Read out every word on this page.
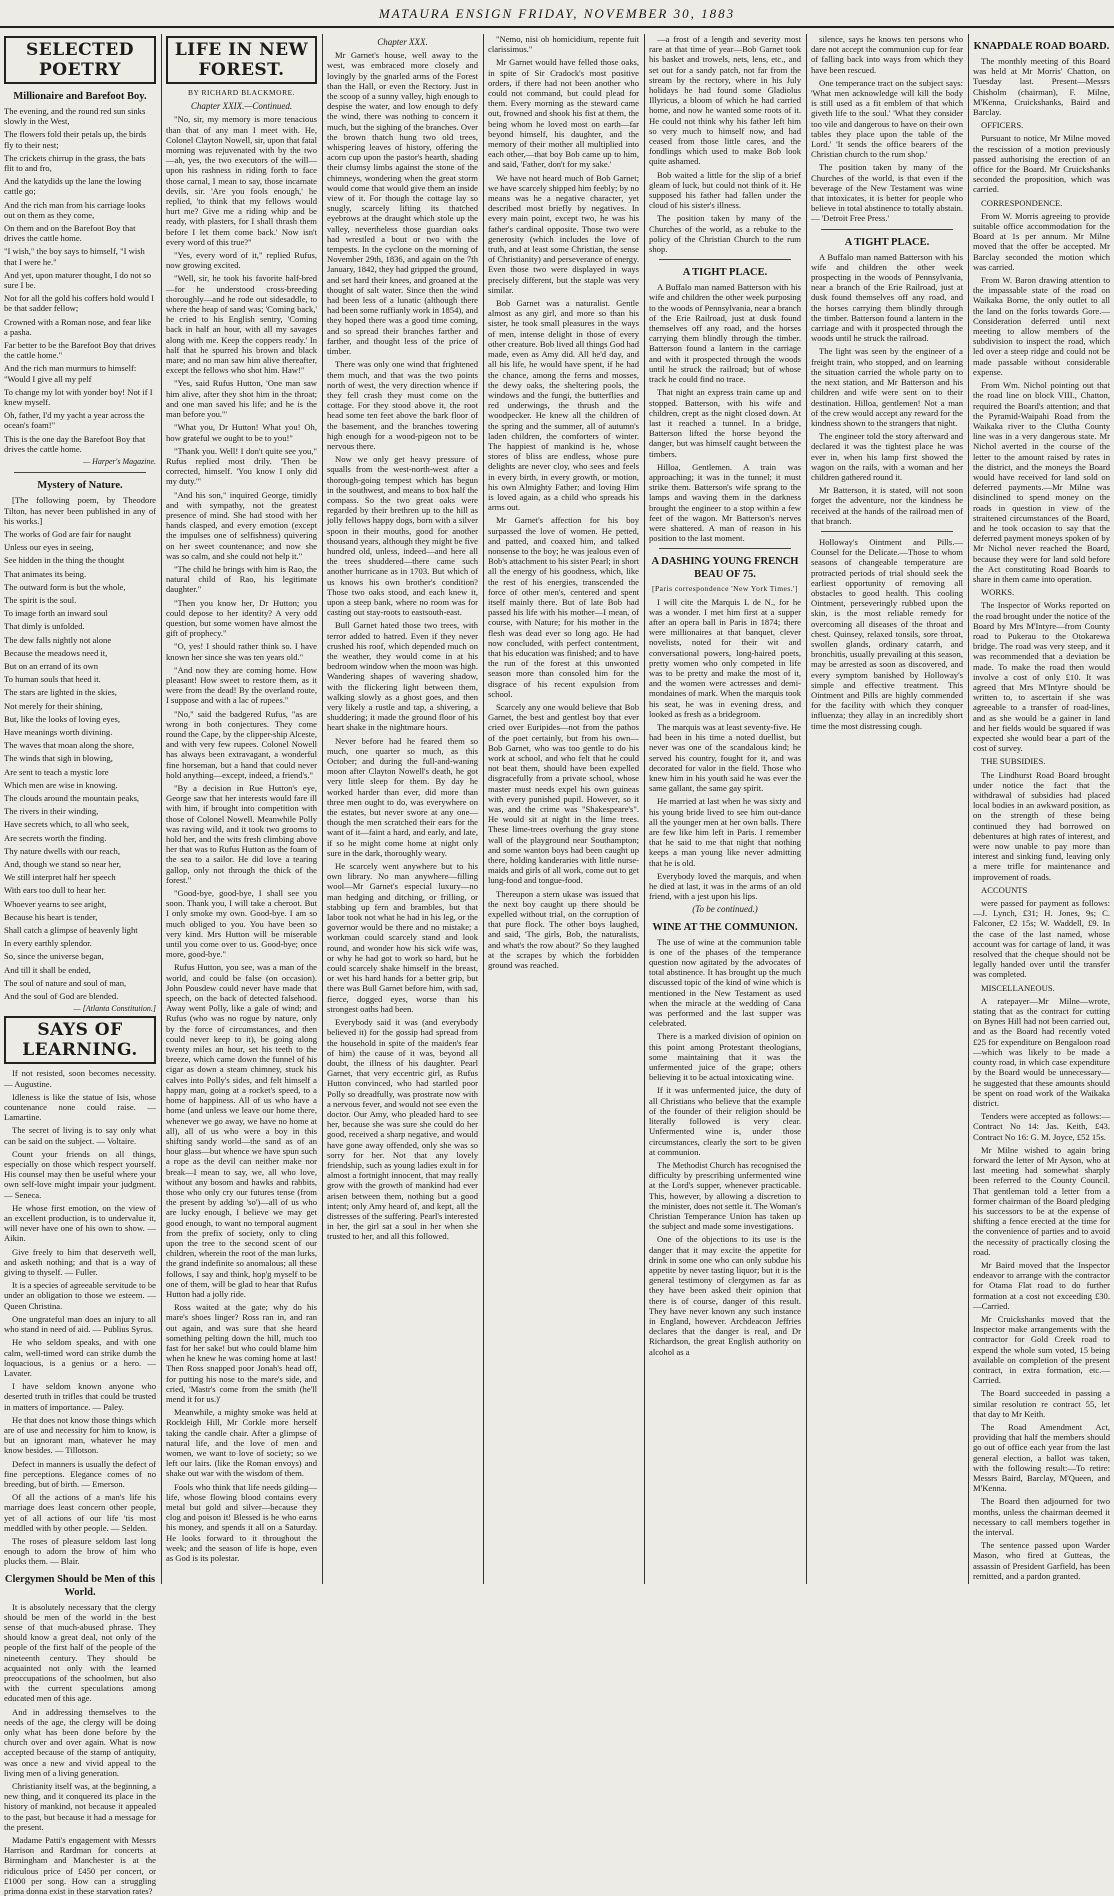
MATAURA ENSIGN FRIDAY, NOVEMBER 30, 1883
SELECTED POETRY
Millionaire and Barefoot Boy.

The evening, and the round red sun sinks slowly in the West,

The flowers fold their petals up, the birds fly to their nest;

The crickets chirrup in the grass, the bats flit to and fro,

And the katydids up the lane the lowing cattle go;

And the rich man from his carriage looks out on them as they come,

On them and on the Barefoot Boy that drives the cattle home.

"I wish," the boy says to himself, "I wish that I were he."

And yet, upon maturer thought, I do not so sure I be.

Not for all the gold his coffers hold would I be that sadder fellow;

Crowned with a Roman nose, and fear like a pasha.

Far better to be the Barefoot Boy that drives the cattle home."

And the rich man murmurs to himself: "Would I give all my pelf

To change my lot with yonder boy! Not if I knew myself.

Oh, father, I'd my yacht a year across the ocean's foam!"

This is the one day the Barefoot Boy that drives the cattle home.

— Harper's Magazine.
Mystery of Nature.

[The following poem, by Theodore Tilton, has never been published in any of his works.]

The works of God are fair for naught

Unless our eyes in seeing,

See hidden in the thing the thought

That animates its being.

The outward form is but the whole,

The spirit is the soul.

To image forth an inward soul

That dimly is unfolded.

The dew falls nightly not alone

Because the meadows need it,

But on an errand of its own

To human souls that heed it.

The stars are lighted in the skies,

Not merely for their shining,

But, like the looks of loving eyes,

Have meanings worth divining.

The waves that moan along the shore,

The winds that sigh in blowing,

Are sent to teach a mystic lore

Which men are wise in knowing.

The clouds around the mountain peaks,

The rivers in their winding,

Have secrets which, to all who seek,

Are secrets worth the finding.

Thy nature dwells with our reach,

And, though we stand so near her,

We still interpret half her speech

With ears too dull to hear her.

Whoever yearns to see aright,

Because his heart is tender,

Shall catch a glimpse of heavenly light

In every earthly splendor.

So, since the universe began,

And till it shall be ended,

The soul of nature and soul of man,

And the soul of God are blended.

— [Atlanta Constitution.]
SAYS OF LEARNING.

If not resisted, soon becomes necessity. — Augustine.

Idleness is like the statue of Isis, whose countenance none could raise. — Lamartine.

The secret of living is to say only what can be said on the subject. — Voltaire.

Count your friends on all things, especially on those which respect yourself. His counsel may then be useful where your own self-love might impair your judgment. — Seneca.

He whose first emotion, on the view of an excellent production, is to undervalue it, will never have one of his own to show. — Aikin.

Give freely to him that deserveth well, and asketh nothing; and that is a way of giving to thyself. — Fuller.

It is a species of agreeable servitude to be under an obligation to those we esteem. — Queen Christina.

One ungrateful man does an injury to all who stand in need of aid. — Publius Syrus.

He who seldom speaks, and with one calm, well-timed word can strike dumb the loquacious, is a genius or a hero. — Lavater.

I have seldom known anyone who deserted truth in trifles that could be trusted in matters of importance. — Paley.

He that does not know those things which are of use and necessity for him to know, is but an ignorant man, whatever he may know besides. — Tillotson.

Defect in manners is usually the defect of fine perceptions. Elegance comes of no breeding, but of birth. — Emerson.

Of all the actions of a man's life his marriage does least concern other people, yet of all actions of our life 'tis most meddled with by other people. — Selden.

The roses of pleasure seldom last long enough to adorn the brow of him who plucks them. — Blair.

Clergymen Should be Men of this World.

It is absolutely necessary that the clergy should be men of the world in the best sense of that much-abused phrase. They should know a great deal, not only of the people of the first half of the people of the nineteenth century. They should be acquainted not only with the learned preoccupations of the schoolmen, but also with the current speculations among educated men of this age.

And in addressing themselves to the needs of the age, the clergy will be doing only what has been done before by the church over and over again. What is now accepted because of the stamp of antiquity, was once a new and vivid appeal to the living men of a living generation.

Christianity itself was, at the beginning, a new thing, and it conquered its place in the history of mankind, not because it appealed to the past, but because it had a message for the present.

Madame Patti's engagement with Messrs Harrison and Rardman for concerts at Birmingham and Manchester is at the ridiculous price of £450 per concert, or £1000 per song. How can a struggling prima donna exist in these starvation rates?

LIFE IN NEW FOREST.
BY RICHARD BLACKMORE.
Chapter XXIX.—Continued.

"No, sir, my memory is more tenacious than that of any man I meet with. He, Colonel Clayton Nowell, sir, upon that fatal morning was rejuvenated with by the two—ah, yes, the two executors of the will—upon his rashness in riding forth to face those carnal, I mean to say, those incarnate devils, sir. 'Are you fools enough,' he replied, 'to think that my fellows would hurt me? Give me a riding whip and be ready, with plasters, for I shall thrash them before I let them come back.' Now isn't every word of this true?"

"Yes, every word of it," replied Rufus, now growing excited.

"Well, sir, he took his favorite half-bred—for he understood cross-breeding thoroughly—and he rode out sidesaddle, to where the heap of sand was; 'Coming back,' he cried to his English sentry, 'Coming back in half an hour, with all my savages along with me. Keep the coppers ready.' In half that he spurred his brown and black mare; and no man saw him alive thereafter, except the fellows who shot him. Haw!"

"Yes, said Rufus Hutton, 'One man saw him alive, after they shot him in the throat; and one man saved his life; and he is the man before you.'"

"What you, Dr Hutton! What you! Oh, how grateful we ought to be to you!"

"Thank you. Well! I don't quite see you," Rufus replied most drily. 'Then be corrected, himself. 'You know I only did my duty.'"

"And his son," inquired George, timidly and with sympathy, not the greatest presence of mind. She had stood with her hands clasped, and every emotion (except the impulses one of selfishness) quivering on her sweet countenance; and now she was so calm, and she could not help it."

"The child he brings with him is Rao, the natural child of Rao, his legitimate daughter."

"Then you know her, Dr Hutton; you could depose to her identity? A very odd question, but some women have almost the gift of prophecy."

"O, yes! I should rather think so. I have known her since she was ten years old."

"And now they are coming home. How pleasant! How sweet to restore them, as it were from the dead! By the overland route, I suppose and with a lac of rupees."

"No," said the badgered Rufus, "as are wrong in both conjectures. They come round the Cape, by the clipper-ship Alceste, and with very few rupees. Colonel Nowell has always been extravagant, a wonderful fine horseman, but a hand that could never hold anything—except, indeed, a friend's."

"By a decision in Rue Hutton's eye, George saw that her interests would fare ill with him, if brought into competition with those of Colonel Nowell. Meanwhile Polly was raving wild, and it took two grooms to hold her, and the wits fresh climbing above her that was to Rufus Hutton as the foam of the sea to a sailor. He did love a tearing gallop, only not through the thick of the forest."

"Good-bye, good-bye, I shall see you soon. Thank you, I will take a cheroot. But I only smoke my own. Good-bye. I am so much obliged to you. You have been so very kind. Mrs Hutton will be miserable until you come over to us. Good-bye; once more, good-bye."

Rufus Hutton, you see, was a man of the world, and could be false (on occasion). John Pousdew could never have made that speech, on the back of detected falsehood. Away went Polly, like a gale of wind; and Rufus (who was no rogue by nature, only by the force of circumstances, and then could never keep to it), be going along twenty miles an hour, set his teeth to the breeze, which came down the funnel of his cigar as down a steam chimney, stuck his calves into Polly's sides, and felt himself a happy man, going at a rocket's speed, to a home of happiness. All of us who have a home (and unless we leave our home there, whenever we go away, we have no home at all), all of us who were a boy in this shifting sandy world—the sand as of an hour glass—but whence we have spun such a rope as the devil can neither make nor break—I mean to say, we, all who love, without any bosom and hawks and rabbits, those who only cry our futures tense (from the present by adding 'so')—all of us who are lucky enough, I believe we may get good enough, to want no temporal augment from the prefix of society, only to cling upon the tree to the second scent of our children, wherein the root of the man lurks, the grand indefinite so anomalous; all these follows, I say and think, hop'g myself to be one of them, will be glad to hear that Rufus Hutton had a jolly ride.

Ross waited at the gate; why do his mare's shoes linger? Ross ran in, and ran out again, and was sure that she heard something pelting down the hill, much too fast for her sake! but who could blame him when he knew he was coming home at last! Then Ross snapped poor Jonah's head off, for putting his nose to the mare's side, and cried, 'Mastr's come from the smith (he'll mend it for us.)'

Meanwhile, a mighty smoke was held at Rockleigh Hill, Mr Corkle more herself taking the candle chair. After a glimpse of natural life, and the love of men and women, we want to love of society; so we left our lairs. (like the Roman envoys) and shake out war with the wisdom of them.

Fools who think that life needs gilding—life, whose flowing blood contains every metal but gold and silver—because they clog and poison it! Blessed is he who earns his money, and spends it all on a Saturday. He looks forward to it throughout the week; and the season of life is hope, even as God is its polestar.

Chapter XXX.

Mr Garnet's house, well away to the west, was embraced more closely and lovingly by the gnarled arms of the Forest than the Hall, or even the Rectory. Just in the scoop of a sunny valley, high enough to despise the water, and low enough to defy the wind, there was nothing to concern it much, but the sighing of the branches. Over the brown thatch hung two old trees, whispering leaves of history, offering the acorn cup upon the pastor's hearth, shading their clumsy limbs against the stone of the chimneys, wondering when the great storm would come that would give them an inside view of it. For though the cottage lay so snugly, scarcely lifting its thatched eyebrows at the draught which stole up the valley, nevertheless those guardian oaks had wrestled a bout or two with the tempests. In the cyclone on the morning of November 29th, 1836, and again on the 7th January, 1842, they had gripped the ground, and set hard their knees, and groaned at the thought of salt water. Since then the wind had been less of a lunatic (although there had been some ruffianly work in 1854), and they hoped there was a good time coming, and so spread their branches farther and farther, and thought less of the price of timber.

There was only one wind that frightened them much, and that was the two points north of west, the very direction whence if they fell crash they must come on the cottage. For they stood above it, the root head some ten feet above the bark floor of the basement, and the branches towering high enough for a wood-pigeon not to be nervous there.

Now we only get heavy pressure of squalls from the west-north-west after a thorough-going tempest which has begun in the southwest, and means to box half the compass. So the two great oaks were regarded by their brethren up to the hill as jolly fellows happy dogs, born with a silver spoon in their mouths, good for another thousand years, although they might be five hundred old, unless, indeed—and here all the trees shuddered—there came such another hurricane as in 1703. But which of us knows his own brother's condition? Those two oaks stood, and each knew it, upon a steep bank, where no room was for casting out stay-roots to eastsouth-east.

Bull Garnet hated those two trees, with terror added to hatred. Even if they never crushed his roof, which depended much on the weather, they would come in at his bedroom window when the moon was high. Wandering shapes of wavering shadow, with the flickering light between them, walking slowly as a ghost goes, and then very likely a rustle and tap, a shivering, a shuddering; it made the ground floor of his heart shake in the nightmare hours.

Never before had he feared them so much, one quarter so much, as this October; and during the full-and-waning moon after Clayton Nowell's death, he got very little sleep for them. By day he worked harder than ever, did more than three men ought to do, was everywhere on the estates, but never swore at any one—though the men scratched their ears for the want of it—faint a hard, and early, and late, if so he might come home at night only sure in the dark, thoroughly weary.

He scarcely went anywhere but to his own library. No man anywhere—filling wool—Mr Garnet's especial luxury—no man hedging and ditching, or frilling, or stabbing up fern and brambles, but that labor took not what he had in his leg, or the governor would be there and no mistake; a workman could scarcely stand and look round, and wonder how his sick wife was, or why he had got to work so hard, but he could scarcely shake himself in the breast, or wet his hard hands for a better grip, but there was Bull Garnet before him, with sad, fierce, dogged eyes, worse than his strongest oaths had been.

Everybody said it was (and everybody believed it) for the gossip had spread from the household in spite of the maiden's fear of him) the cause of it was, beyond all doubt, the illness of his daughter. Pearl Garnet, that very eccentric girl, as Rufus Hutton convinced, who had startled poor Polly so dreadfully, was prostrate now with a nervous fever, and would not see even the doctor. Our Amy, who pleaded hard to see her, because she was sure she could do her good, received a sharp negative, and would have gone away offended, only she was so sorry for her. Not that any lovely friendship, such as young ladies exult in for almost a fortnight innocent, that may really grow with the growth of mankind had ever arisen between them, nothing but a good intent; only Amy heard of, and kept, all the distresses of the suffering. Pearl's interested in her, the girl sat a soul in her when she trusted to her, and all this followed.

"Nemo, nisi ob homicidium, repente fuit clarissimus."

Mr Garnet would have felled those oaks, in spite of Sir Cradock's most positive orders, if there had not been another who could not command, but could plead for them. Every morning as the steward came out, frowned and shook his fist at them, the being whom he loved most on earth—far beyond himself, his daughter, and the memory of their mother all multiplied into each other,—that boy Bob came up to him, and said, 'Father, don't for my sake.'

We have not heard much of Bob Garnet; we have scarcely shipped him feebly; by no means was he a negative character, yet described most briefly by negatives. In every main point, except two, he was his father's cardinal opposite. Those two were generosity (which includes the love of truth, and at least some Christian, the sense of Christianity) and perseverance of energy. Even those two were displayed in ways precisely different, but the staple was very similar.

Bob Garnet was a naturalist. Gentle almost as any girl, and more so than his sister, he took small pleasures in the ways of men, intense delight in those of every other creature. Bob lived all things God had made, even as Amy did. All he'd day, and all his life, he would have spent, if he had the chance, among the ferns and mosses, the dewy oaks, the sheltering pools, the windows and the fungi, the butterflies and red underwings, the thrush and the woodpecker. He knew all the children of the spring and the summer, all of autumn's laden children, the comforters of winter. The happiest of mankind is he, whose stores of bliss are endless, whose pure delights are never cloy, who sees and feels in every birth, in every growth, or motion, his own Almighty Father; and loving Him is loved again, as a child who spreads his arms out.

Mr Garnet's affection for his boy surpassed the love of women. He petted, and patted, and coaxed him, and talked nonsense to the boy; he was jealous even of Bob's attachment to his sister Pearl; in short all the energy of his goodness, which, like the rest of his energies, transcended the force of other men's, centered and spent itself mainly there. But of late Bob had passed his life with his mother—I mean, of course, with Nature; for his mother in the flesh was dead ever so long ago. He had now concluded, with perfect contentment, that his education was finished; and to have the run of the forest at this unwonted season more than consoled him for the disgrace of his recent expulsion from school.

Scarcely any one would believe that Bob Garnet, the best and gentlest boy that ever cried over Euripides—not from the pathos of the poet certainly, but from his own—Bob Garnet, who was too gentle to do his work at school, and who felt that he could not beat them, should have been expelled disgracefully from a private school, whose master must needs expel his own guineas with every punished pupil. However, so it was, and the crime was "Shakespeare's". He would sit at night in the lime trees. These lime-trees overhung the gray stone wall of the playground near Southampton; and some wanton boys had been caught up there, holding kanderaries with little nurse-maids and girls of all work, come out to get lung-food and tongue-food.

Thereupon a stern ukase was issued that the next boy caught up there should be expelled without trial, on the corruption of that pure flock. The other boys laughed, and said, 'The girls, Bob, the naturalists, and what's the row about?' So they laughed at the scrapes by which the forbidden ground was reached.

—a frost of a length and severity most rare at that time of year—Bob Garnet took his basket and trowels, nets, lens, etc., and set out for a sandy patch, not far from the stream by the rectory, where in his July holidays he had found some Gladiolus Illyricus, a bloom of which he had carried home, and now he wanted some roots of it. He could not think why his father left him so very much to himself now, and had ceased from those little cares, and the fondlings which used to make Bob look quite ashamed.

Bob waited a little for the slip of a brief gleam of luck, but could not think of it. He supposed his father had fallen under the cloud of his sister's illness.

The position taken by many of the Churches of the world, as a rebuke to the policy of the Christian Church to the rum shop.

A TIGHT PLACE.

A Buffalo man named Batterson with his wife and children the other week purposing to the woods of Pennsylvania, near a branch of the Erie Railroad, just at dusk found themselves off any road, and the horses carrying them blindly through the timber. Batterson found a lantern in the carriage and with it prospected through the woods until he struck the railroad; but of whose track he could find no trace.

That night an express train came up and stopped. Batterson, with his wife and children, crept as the night closed down. At last it reached a tunnel. In a bridge, Batterson lifted the horse beyond the danger, but was himself caught between the timbers.

Hilloa, Gentlemen. A train was approaching; it was in the tunnel; it must strike them. Batterson's wife sprang to the lamps and waving them in the darkness brought the engineer to a stop within a few feet of the wagon. Mr Batterson's nerves were shattered. A man of reason in his position to the last moment.

A DASHING YOUNG FRENCH BEAU OF 75.
[Paris correspondence 'New York Times.']

I will cite the Marquis L de N., for he was a wonder. I met him first at a supper after an opera ball in Paris in 1874; there were millionaires at that banquet, clever novelists, noted for their wit and conversational powers, long-haired poets, pretty women who only competed in life was to be pretty and make the most of it, and the women were actresses and demi-mondaines of mark. When the marquis took his seat, he was in evening dress, and looked as fresh as a bridegroom.

The marquis was at least seventy-five. He had been in his time a noted duellist, but never was one of the scandalous kind; he served his country, fought for it, and was decorated for valor in the field. Those who knew him in his youth said he was ever the same gallant, the same gay spirit.

He married at last when he was sixty and his young bride lived to see him out-dance all the younger men at her own balls. There are few like him left in Paris. I remember that he said to me that night that nothing keeps a man young like never admitting that he is old.

Everybody loved the marquis, and when he died at last, it was in the arms of an old friend, with a jest upon his lips.

(To be continued.)
WINE AT THE COMMUNION.

The use of wine at the communion table is one of the phases of the temperance question now agitated by the advocates of total abstinence. It has brought up the much discussed topic of the kind of wine which is mentioned in the New Testament as used when the miracle at the wedding of Cana was performed and the last supper was celebrated.

There is a marked division of opinion on this point among Protestant theologians, some maintaining that it was the unfermented juice of the grape; others believing it to be actual intoxicating wine.

If it was unfermented juice, the duty of all Christians who believe that the example of the founder of their religion should be literally followed is very clear. Unfermented wine is, under those circumstances, clearly the sort to be given at communion.

The Methodist Church has recognised the difficulty by prescribing unfermented wine at the Lord's supper, whenever practicable. This, however, by allowing a discretion to the minister, does not settle it. The Woman's Christian Temperance Union has taken up the subject and made some investigations.

One of the objections to its use is the danger that it may excite the appetite for drink in some one who can only subdue his appetite by never tasting liquor; but it is the general testimony of clergymen as far as they have been asked their opinion that there is of course, danger of this result. They have never known any such instance in England, however. Archdeacon Jeffries declares that the danger is real, and Dr Richardson, the great English authority on alcohol as a

silence, says he knows ten persons who dare not accept the communion cup for fear of falling back into ways from which they have been rescued.

One temperance tract on the subject says: 'What men acknowledge will kill the body is still used as a fit emblem of that which giveth life to the soul.' 'What they consider too vile and dangerous to have on their own tables they place upon the table of the Lord.' 'It sends the office bearers of the Christian church to the rum shop.'

The position taken by many of the Churches of the world, is that even if the beverage of the New Testament was wine that intoxicates, it is better for people who believe in total abstinence to totally abstain. — 'Detroit Free Press.'

A TIGHT PLACE.

A Buffalo man named Batterson with his wife and children the other week prospecting in the woods of Pennsylvania, near a branch of the Erie Railroad, just at dusk found themselves off any road, and the horses carrying them blindly through the timber. Batterson found a lantern in the carriage and with it prospected through the woods until he struck the railroad.

The light was seen by the engineer of a freight train, who stopped, and on learning the situation carried the whole party on to the next station, and Mr Batterson and his children and wife were sent on to their destination. Hilloa, gentlemen! Not a man of the crew would accept any reward for the kindness shown to the strangers that night.

The engineer told the story afterward and declared it was the tightest place he was ever in, when his lamp first showed the wagon on the rails, with a woman and her children gathered round it.

Mr Batterson, it is stated, will not soon forget the adventure, nor the kindness he received at the hands of the railroad men of that branch.

Holloway's Ointment and Pills.—Counsel for the Delicate.—Those to whom seasons of changeable temperature are protracted periods of trial should seek the earliest opportunity of removing all obstacles to good health. This cooling Ointment, perseveringly rubbed upon the skin, is the most reliable remedy for overcoming all diseases of the throat and chest. Quinsey, relaxed tonsils, sore throat, swollen glands, ordinary catarrh, and bronchitis, usually prevailing at this season, may be arrested as soon as discovered, and every symptom banished by Holloway's simple and effective treatment. This Ointment and Pills are highly commended for the facility with which they conquer influenza; they allay in an incredibly short time the most distressing cough.

KNAPDALE ROAD BOARD.

The monthly meeting of this Board was held at Mr Morris' Chatton, on Tuesday last. Present—Messrs Chisholm (chairman), F. Milne, M'Kenna, Cruickshanks, Baird and Barclay.

OFFICERS.

Pursuant to notice, Mr Milne moved the rescission of a motion previously passed authorising the erection of an office for the Board. Mr Cruickshanks seconded the proposition, which was carried.

CORRESPONDENCE.

From W. Morris agreeing to provide suitable office accommodation for the Board at 1s per annum. Mr Milne moved that the offer be accepted. Mr Barclay seconded the motion which was carried.

From W. Baron drawing attention to the impassable state of the road on Waikaka Borne, the only outlet to all the land on the forks towards Gore.—Consideration deferred until next meeting to allow members of the subdivision to inspect the road, which led over a steep ridge and could not be made passable without considerable expense.

From Wm. Nichol pointing out that the road line on block VIII., Chatton, required the Board's attention; and that the Pyramid-Waipahi Road from the Waikaka river to the Clutha County line was in a very dangerous state. Mr Nichol averted in the course of the letter to the amount raised by rates in the district, and the moneys the Board would have received for land sold on deferred payments.—Mr Milne was disinclined to spend money on the roads in question in view of the straitened circumstances of the Board, and he took occasion to say that the deferred payment moneys spoken of by Mr Nichol never reached the Board, because they were for land sold before the Act constituting Road Boards to share in them came into operation.

WORKS.

The Inspector of Works reported on the road brought under the notice of the Board by Mrs M'Intyre—from County road to Pukerau to the Otokarewa bridge. The road was very steep, and it was recommended that a deviation be made. To make the road then would involve a cost of only £10. It was agreed that Mrs M'Intyre should be written to, to ascertain if she was agreeable to a transfer of road-lines, and as she would be a gainer in land and her fields would be squared if was expected she would bear a part of the cost of survey.

THE SUBSIDIES.

The Lindhurst Road Board brought under notice the fact that the withdrawal of subsidies had placed local bodies in an awkward position, as on the strength of these being continued they had borrowed on debentures at high rates of interest, and were now unable to pay more than interest and sinking fund, leaving only a mere trifle for maintenance and improvement of roads.

ACCOUNTS

were passed for payment as follows:—J. Lynch, £31; H. Jones, 9s; C. Falconer, £2 15s; W. Waddell, £9. In the case of the last named, whose account was for cartage of land, it was resolved that the cheque should not be legally handed over until the transfer was completed.

MISCELLANEOUS.

A ratepayer—Mr Milne—wrote, stating that as the contract for cutting on Bynes Hill had not been carried out, and as the Board had recently voted £25 for expenditure on Bengaloon road—which was likely to be made a county road, in which case expenditure by the Board would be unnecessary—he suggested that these amounts should be spent on road work of the Waikaka district.

Tenders were accepted as follows:—Contract No 14: Jas. Keith, £43. Contract No 16: G. M. Joyce, £52 15s.

Mr Milne wished to again bring forward the letter of Mr Ayson, who at last meeting had somewhat sharply been referred to the County Council. That gentleman told a letter from a former chairman of the Board pledging his successors to be at the expense of shifting a fence erected at the time for the convenience of parties and to avoid the necessity of practically closing the road.

Mr Baird moved that the Inspector endeavor to arrange with the contractor for Otama Flat road to do further formation at a cost not exceeding £30.—Carried.

Mr Cruickshanks moved that the Inspector make arrangements with the contractor for Gold Creek road to expend the whole sum voted, 15 being available on completion of the present contract, in extra formation, etc.—Carried.

The Board succeeded in passing a similar resolution re contract 55, let that day to Mr Keith.

The Road Amendment Act, providing that half the members should go out of office each year from the last general election, a ballot was taken, with the following result:—To retire: Messrs Baird, Barclay, M'Queen, and M'Kenna.

The Board then adjourned for two months, unless the chairman deemed it necessary to call members together in the interval.

The sentence passed upon Warder Mason, who fired at Gutteas, the assassin of President Garfield, has been remitted, and a pardon granted.
